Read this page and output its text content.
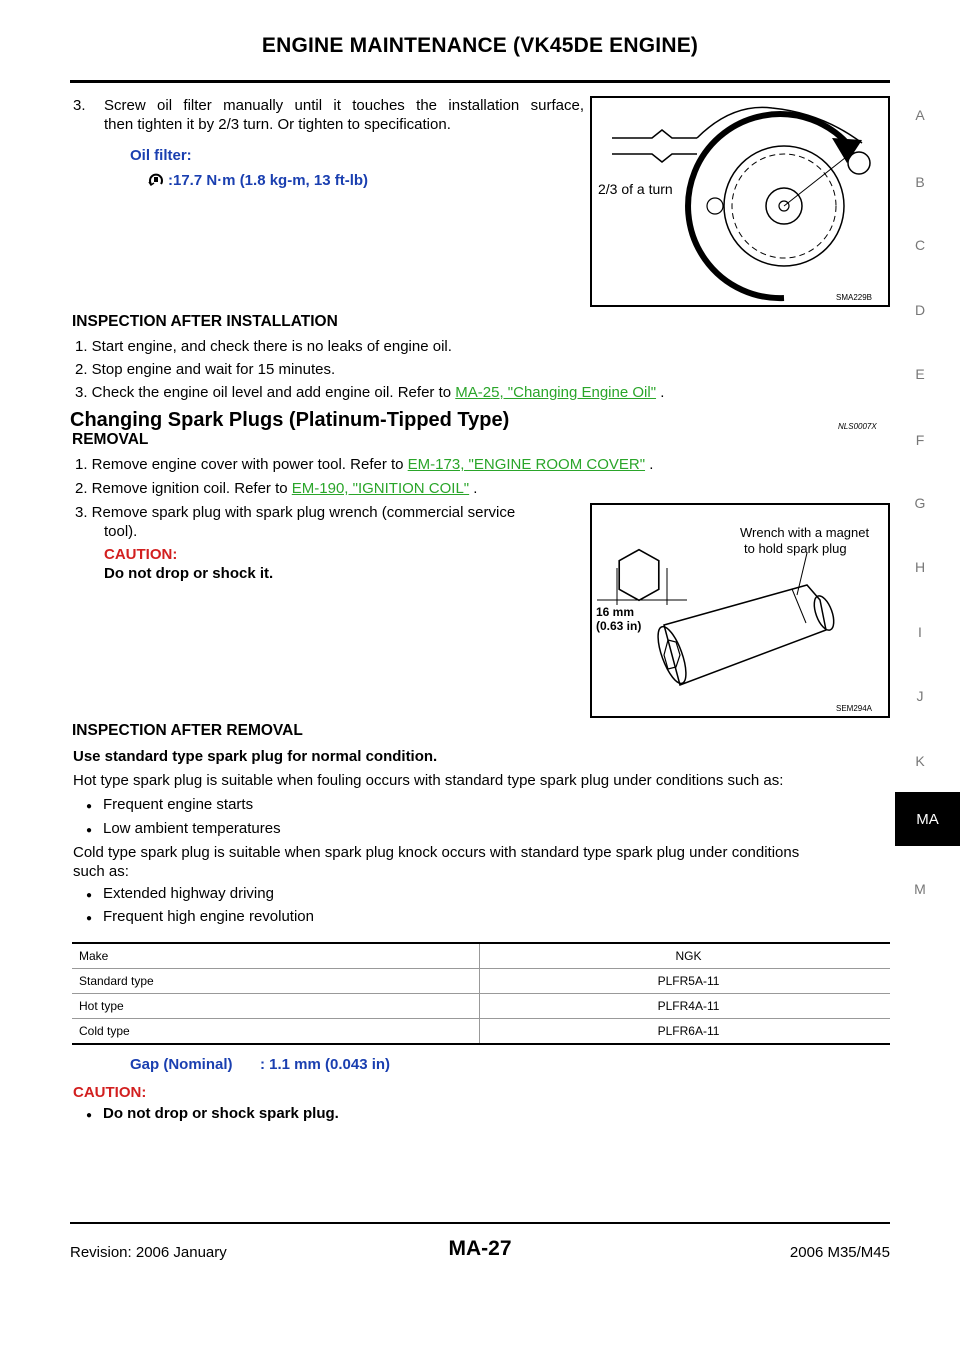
ENGINE MAINTENANCE (VK45DE ENGINE)
A
B
C
D
E
F
G
H
I
J
K
MA
M
3. Screw oil filter manually until it touches the installation surface,
then tighten it by 2/3 turn. Or tighten to specification.
Oil filter:
:17.7 N·m (1.8 kg-m, 13 ft-lb)	2/3 of a turn
SMA229B
INSPECTION AFTER INSTALLATION
1. Start engine, and check there is no leaks of engine oil.
2. Stop engine and wait for 15 minutes.
3. Check the engine oil level and add engine oil. Refer to MA-25, "Changing Engine Oil" .
Changing Spark Plugs (Platinum-Tipped Type)	NLS0007X
REMOVAL
1. Remove engine cover with power tool. Refer to EM-173, "ENGINE ROOM COVER" .
2. Remove ignition coil. Refer to EM-190, "IGNITION COIL" .
3. Remove spark plug with spark plug wrench (commercial service
tool).
CAUTION:
Do not drop or shock it.
Wrench with a magnet
to hold spark plug
16 mm
(0.63 in)
SEM294A
INSPECTION AFTER REMOVAL
Use standard type spark plug for normal condition.
Hot type spark plug is suitable when fouling occurs with standard type spark plug under conditions such as:
● Frequent engine starts
● Low ambient temperatures
Cold type spark plug is suitable when spark plug knock occurs with standard type spark plug under conditions
such as:
● Extended highway driving
● Frequent high engine revolution
Make	NGK
Standard type	PLFR5A-11
Hot type	PLFR4A-11
Cold type	PLFR6A-11
Gap (Nominal) : 1.1 mm (0.043 in)
CAUTION:
● Do not drop or shock spark plug.
Revision: 2006 January	MA-27	2006 M35/M45
